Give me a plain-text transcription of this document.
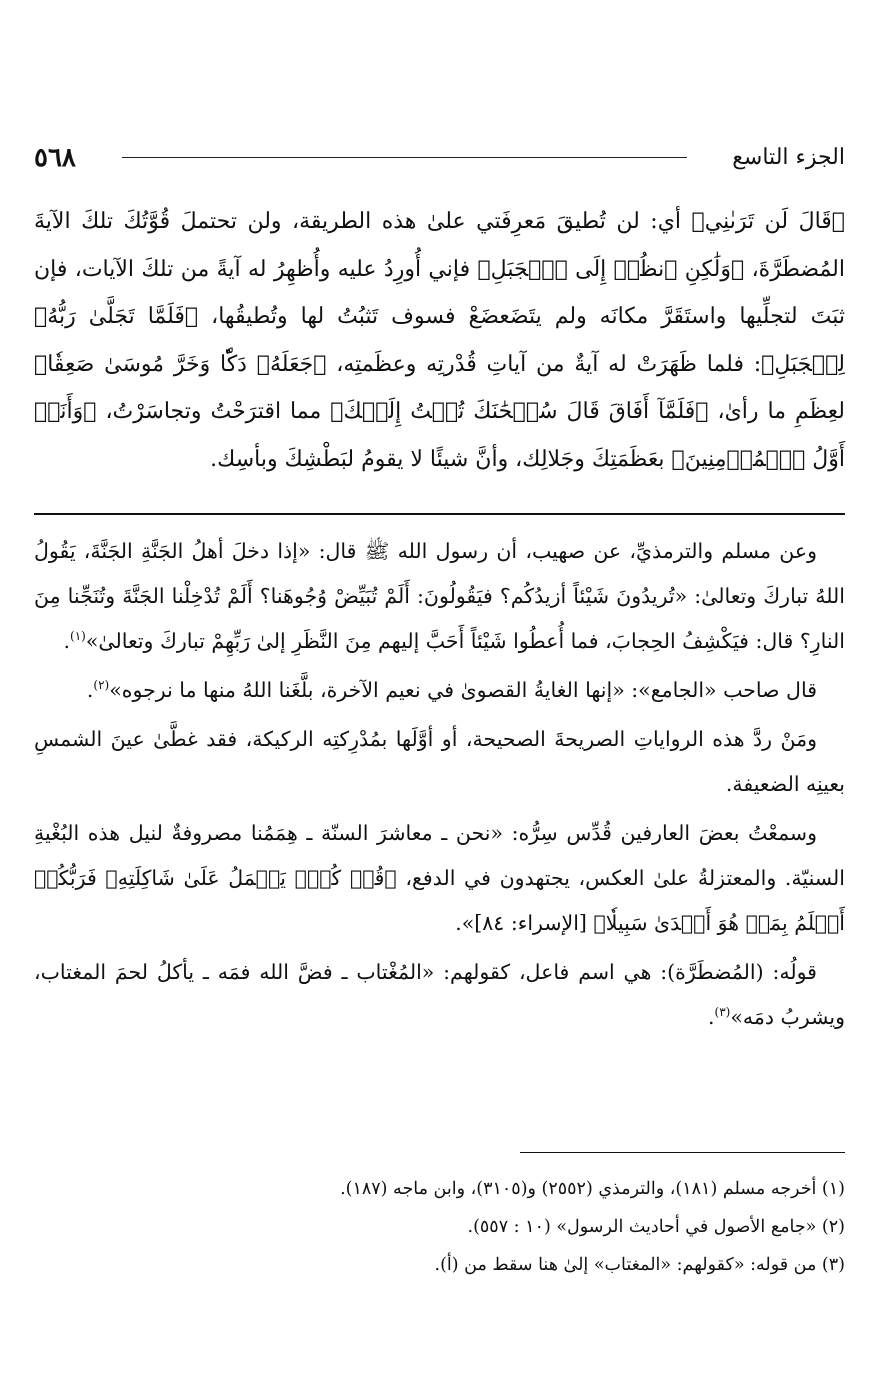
٥٦٨	الجزء التاسع

﴿قَالَ لَن تَرَىٰنِي﴾ أي: لن تُطيقَ مَعرِفَتي علىٰ هذه الطريقة، ولن تحتملَ قُوَّتُكَ تلكَ الآيةَ المُضطَرَّةَ، ﴿وَلَٰكِنِ ٱنظُرۡ إِلَى ٱلۡجَبَلِ﴾ فإني أُورِدُ عليه وأُظهِرُ له آيةً من تلكَ الآيات، فإن ثبَتَ لتجلِّيها واستَقَرَّ مكانَه ولم يتَضَعضَعْ فسوف تَثبُتُ لها وتُطيقُها، ﴿فَلَمَّا تَجَلَّىٰ رَبُّهُۥ لِلۡجَبَلِ﴾: فلما ظَهَرَتْ له آيةٌ من آياتِ قُدْرتِه وعظَمتِه، ﴿جَعَلَهُۥ دَكّٗا وَخَرَّ مُوسَىٰ صَعِقٗا﴾ لعِظَمِ ما رأىٰ، ﴿فَلَمَّآ أَفَاقَ قَالَ سُبۡحَٰنَكَ تُبۡتُ إِلَيۡكَ﴾ مما اقترَحْتُ وتجاسَرْتُ، ﴿وَأَنَا۠ أَوَّلُ ٱلۡمُؤۡمِنِينَ﴾ بعَظَمَتِكَ وجَلالِك، وأنَّ شيئًا لا يقومُ لبَطْشِكَ وبأسِك.

وعن مسلم والترمذيِّ، عن صهيب، أن رسول الله ﷺ قال: «إذا دخلَ أهلُ الجَنَّةِ الجَنَّةَ، يَقُولُ اللهُ تباركَ وتعالىٰ: «تُريدُونَ شَيْئاً أزيدُكُم؟ فيَقُولُونَ: أَلَمْ تُبَيِّضْ وُجُوهَنا؟ أَلَمْ تُدْخِلْنا الجَنَّةَ وتُنَجِّنا مِنَ النارِ؟ قال: فيَكْشِفُ الحِجابَ، فما أُعطُوا شَيْئاً أَحَبَّ إليهم مِنَ النَّظَرِ إلىٰ رَبِّهِمْ تباركَ وتعالىٰ»$^{(١)}$.

قال صاحب «الجامع»: «إنها الغايةُ القصوىٰ في نعيم الآخرة، بلَّغَنا اللهُ منها ما نرجوه»$^{(٢)}$.

ومَنْ ردَّ هذه الرواياتِ الصريحةَ الصحيحة، أو أوَّلَها بمُدْرِكتِه الركيكة، فقد غطَّىٰ عينَ الشمسِ بعينِه الضعيفة.

وسمعْتُ بعضَ العارفين قُدِّس سِرُّه: «نحن ـ معاشرَ السنّة ـ هِمَمُنا مصروفةٌ لنيل هذه البُغْيةِ السنيّة. والمعتزلةُ علىٰ العكس، يجتهدون في الدفع، ﴿قُلۡ كُلّٞ يَعۡمَلُ عَلَىٰ شَاكِلَتِهِۦ فَرَبُّكُمۡ أَعۡلَمُ بِمَنۡ هُوَ أَهۡدَىٰ سَبِيلٗا﴾ [الإسراء: ٨٤]».

قولُه: (المُضطَرَّة): هي اسم فاعل، كقولهم: «المُغْتاب ـ فضَّ الله فمَه ـ يأكلُ لحمَ المغتاب، ويشربُ دمَه»$^{(٣)}$.

(١) أخرجه مسلم (١٨١)، والترمذي (٢٥٥٢) و(٣١٠٥)، وابن ماجه (١٨٧).

(٢) «جامع الأصول في أحاديث الرسول» (١٠ : ٥٥٧).

(٣) من قوله: «كقولهم: «المغتاب» إلىٰ هنا سقط من (أ).
